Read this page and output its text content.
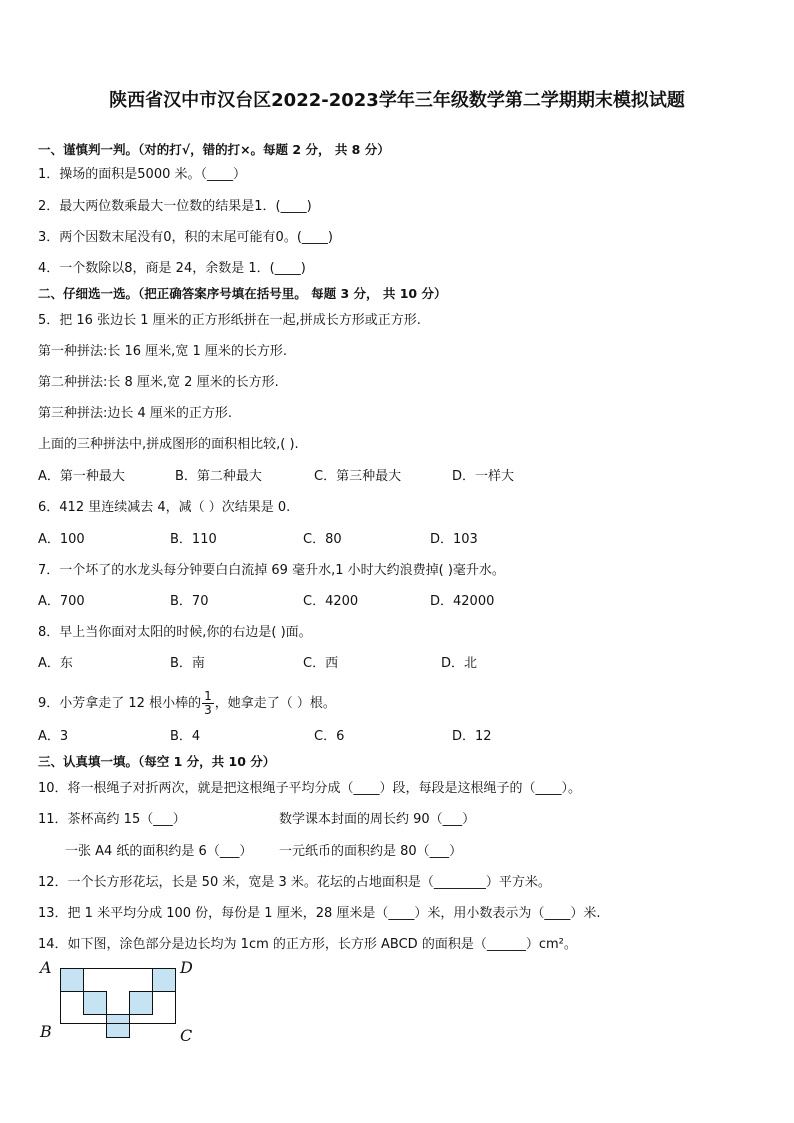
陕西省汉中市汉台区2022-2023学年三年级数学第二学期期末模拟试题
一、谨慎判一判。（对的打√，错的打×。每题 2 分， 共 8 分）
1．操场的面积是5000 米。（____）
2．最大两位数乘最大一位数的结果是1．(____)
3．两个因数末尾没有0，积的末尾可能有0。(____)
4．一个数除以8，商是 24，余数是 1．(____)
二、仔细选一选。（把正确答案序号填在括号里。 每题 3 分， 共 10 分）
5．把 16 张边长 1 厘米的正方形纸拼在一起,拼成长方形或正方形.
第一种拼法:长 16 厘米,宽 1 厘米的长方形.
第二种拼法:长 8 厘米,宽 2 厘米的长方形.
第三种拼法:边长 4 厘米的正方形.
上面的三种拼法中,拼成图形的面积相比较,( ).
A．第一种最大	B．第二种最大	C．第三种最大	D．一样大
6．412 里连续减去 4，减（ ）次结果是 0.
A．100	B．110	C．80	D．103
7．一个坏了的水龙头每分钟要白白流掉 69 毫升水,1 小时大约浪费掉( )毫升水。
A．700	B．70	C．4200	D．42000
8．早上当你面对太阳的时候,你的右边是( )面。
A．东	B．南	C．西	D．北
9．小芳拿走了 12 根小棒的 $\frac{1}{3}$ ，她拿走了（ ）根。
A．3	B．4	C．6	D．12
三、认真填一填。（每空 1 分，共 10 分）
10．将一根绳子对折两次，就是把这根绳子平均分成（____）段，每段是这根绳子的（____）。
11．茶杯高约 15（___）	数学课本封面的周长约 90（___）
一张 A4 纸的面积约是 6（___） 一元纸币的面积约是 80（___）
12．一个长方形花坛，长是 50 米，宽是 3 米。花坛的占地面积是（________）平方米。
13．把 1 米平均分成 100 份，每份是 1 厘米，28 厘米是（____）米，用小数表示为（____）米.
14．如下图，涂色部分是边长均为 1cm 的正方形，长方形 ABCD 的面积是（______）cm²。
A	D
B	C
